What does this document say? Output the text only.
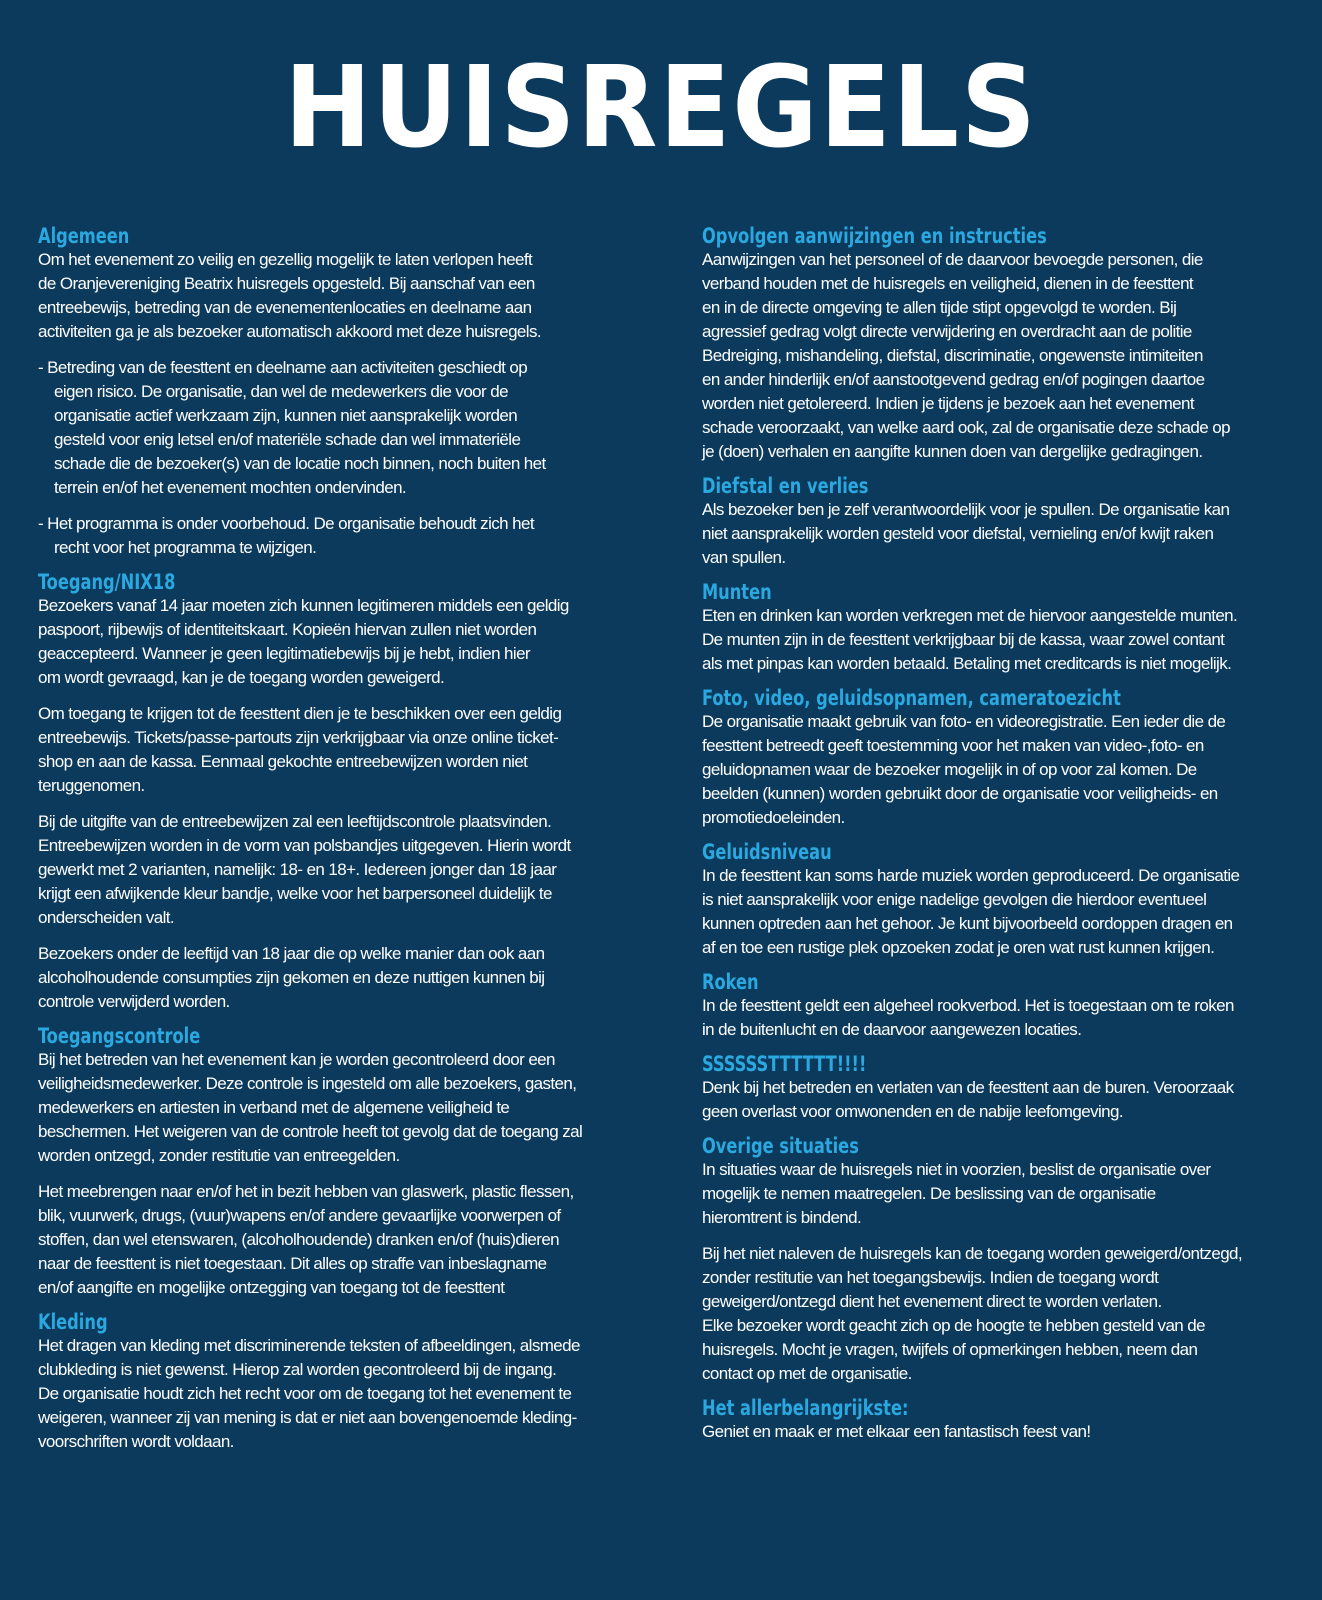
HUISREGELS
Algemeen

Om het evenement zo veilig en gezellig mogelijk te laten verlopen heeft
de Oranjevereniging Beatrix huisregels opgesteld. Bij aanschaf van een
entreebewijs, betreding van de evenementenlocaties en deelname aan
activiteiten ga je als bezoeker automatisch akkoord met deze huisregels.

- Betreding van de feesttent en deelname aan activiteiten geschiedt op
eigen risico. De organisatie, dan wel de medewerkers die voor de
organisatie actief werkzaam zijn, kunnen niet aansprakelijk worden
gesteld voor enig letsel en/of materiële schade dan wel immateriële
schade die de bezoeker(s) van de locatie noch binnen, noch buiten het
terrein en/of het evenement mochten ondervinden.

- Het programma is onder voorbehoud. De organisatie behoudt zich het
recht voor het programma te wijzigen.

Toegang/NIX18

Bezoekers vanaf 14 jaar moeten zich kunnen legitimeren middels een geldig
paspoort, rijbewijs of identiteitskaart. Kopieën hiervan zullen niet worden
geaccepteerd. Wanneer je geen legitimatiebewijs bij je hebt, indien hier
om wordt gevraagd, kan je de toegang worden geweigerd.

Om toegang te krijgen tot de feesttent dien je te beschikken over een geldig
entreebewijs. Tickets/passe-partouts zijn verkrijgbaar via onze online ticket-
shop en aan de kassa. Eenmaal gekochte entreebewijzen worden niet
teruggenomen.

Bij de uitgifte van de entreebewijzen zal een leeftijdscontrole plaatsvinden.
Entreebewijzen worden in de vorm van polsbandjes uitgegeven. Hierin wordt
gewerkt met 2 varianten, namelijk: 18- en 18+. Iedereen jonger dan 18 jaar
krijgt een afwijkende kleur bandje, welke voor het barpersoneel duidelijk te
onderscheiden valt.

Bezoekers onder de leeftijd van 18 jaar die op welke manier dan ook aan
alcoholhoudende consumpties zijn gekomen en deze nuttigen kunnen bij
controle verwijderd worden.

Toegangscontrole

Bij het betreden van het evenement kan je worden gecontroleerd door een
veiligheidsmedewerker. Deze controle is ingesteld om alle bezoekers, gasten,
medewerkers en artiesten in verband met de algemene veiligheid te
beschermen. Het weigeren van de controle heeft tot gevolg dat de toegang zal
worden ontzegd, zonder restitutie van entreegelden.

Het meebrengen naar en/of het in bezit hebben van glaswerk, plastic flessen,
blik, vuurwerk, drugs, (vuur)wapens en/of andere gevaarlijke voorwerpen of
stoffen, dan wel etenswaren, (alcoholhoudende) dranken en/of (huis)dieren
naar de feesttent is niet toegestaan. Dit alles op straffe van inbeslagname
en/of aangifte en mogelijke ontzegging van toegang tot de feesttent

Kleding

Het dragen van kleding met discriminerende teksten of afbeeldingen, alsmede
clubkleding is niet gewenst. Hierop zal worden gecontroleerd bij de ingang.
De organisatie houdt zich het recht voor om de toegang tot het evenement te
weigeren, wanneer zij van mening is dat er niet aan bovengenoemde kleding-
voorschriften wordt voldaan.

Opvolgen aanwijzingen en instructies

Aanwijzingen van het personeel of de daarvoor bevoegde personen, die
verband houden met de huisregels en veiligheid, dienen in de feesttent
en in de directe omgeving te allen tijde stipt opgevolgd te worden. Bij
agressief gedrag volgt directe verwijdering en overdracht aan de politie
Bedreiging, mishandeling, diefstal, discriminatie, ongewenste intimiteiten
en ander hinderlijk en/of aanstootgevend gedrag en/of pogingen daartoe
worden niet getolereerd. Indien je tijdens je bezoek aan het evenement
schade veroorzaakt, van welke aard ook, zal de organisatie deze schade op
je (doen) verhalen en aangifte kunnen doen van dergelijke gedragingen.

Diefstal en verlies

Als bezoeker ben je zelf verantwoordelijk voor je spullen. De organisatie kan
niet aansprakelijk worden gesteld voor diefstal, vernieling en/of kwijt raken
van spullen.

Munten

Eten en drinken kan worden verkregen met de hiervoor aangestelde munten.
De munten zijn in de feesttent verkrijgbaar bij de kassa, waar zowel contant
als met pinpas kan worden betaald. Betaling met creditcards is niet mogelijk.

Foto, video, geluidsopnamen, cameratoezicht

De organisatie maakt gebruik van foto- en videoregistratie. Een ieder die de
feesttent betreedt geeft toestemming voor het maken van video-,foto- en
geluidopnamen waar de bezoeker mogelijk in of op voor zal komen. De
beelden (kunnen) worden gebruikt door de organisatie voor veiligheids- en
promotiedoeleinden.

Geluidsniveau

In de feesttent kan soms harde muziek worden geproduceerd. De organisatie
is niet aansprakelijk voor enige nadelige gevolgen die hierdoor eventueel
kunnen optreden aan het gehoor. Je kunt bijvoorbeeld oordoppen dragen en
af en toe een rustige plek opzoeken zodat je oren wat rust kunnen krijgen.

Roken

In de feesttent geldt een algeheel rookverbod. Het is toegestaan om te roken
in de buitenlucht en de daarvoor aangewezen locaties.

SSSSSSTTTTTT!!!!

Denk bij het betreden en verlaten van de feesttent aan de buren. Veroorzaak
geen overlast voor omwonenden en de nabije leefomgeving.

Overige situaties

In situaties waar de huisregels niet in voorzien, beslist de organisatie over
mogelijk te nemen maatregelen. De beslissing van de organisatie
hieromtrent is bindend.

Bij het niet naleven de huisregels kan de toegang worden geweigerd/ontzegd,
zonder restitutie van het toegangsbewijs. Indien de toegang wordt
geweigerd/ontzegd dient het evenement direct te worden verlaten.
Elke bezoeker wordt geacht zich op de hoogte te hebben gesteld van de
huisregels. Mocht je vragen, twijfels of opmerkingen hebben, neem dan
contact op met de organisatie.

Het allerbelangrijkste:

Geniet en maak er met elkaar een fantastisch feest van!
